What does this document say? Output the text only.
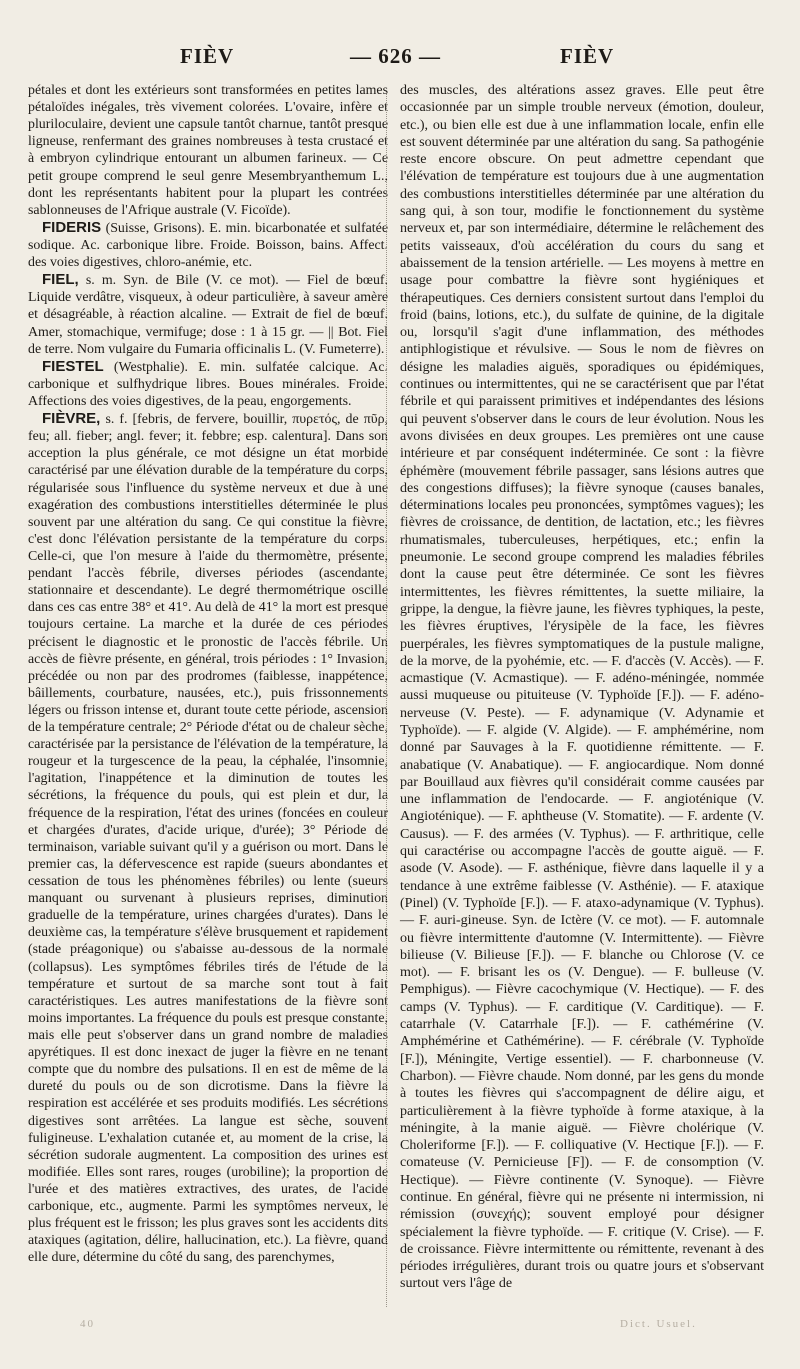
FIÈV	— 626 —	FIÈV

pétales et dont les extérieurs sont transformées en petites lames pétaloïdes inégales, très vivement colorées. L'ovaire, infère et pluriloculaire, devient une capsule tantôt charnue, tantôt presque ligneuse, renfermant des graines nombreuses à testa crustacé et à embryon cylindrique entourant un albumen farineux. — Ce petit groupe comprend le seul genre Mesembryanthemum L., dont les représentants habitent pour la plupart les contrées sablonneuses de l'Afrique australe (V. Ficoïde).

FIDERIS (Suisse, Grisons). E. min. bicarbonatée et sulfatée sodique. Ac. carbonique libre. Froide. Boisson, bains. Affect. des voies digestives, chloro-anémie, etc.

FIEL, s. m. Syn. de Bile (V. ce mot). — Fiel de bœuf. Liquide verdâtre, visqueux, à odeur particulière, à saveur amère et désagréable, à réaction alcaline. — Extrait de fiel de bœuf. Amer, stomachique, vermifuge; dose : 1 à 15 gr. — || Bot. Fiel de terre. Nom vulgaire du Fumaria officinalis L. (V. Fumeterre).

FIESTEL (Westphalie). E. min. sulfatée calcique. Ac. carbonique et sulfhydrique libres. Boues minérales. Froide. Affections des voies digestives, de la peau, engorgements.

FIÈVRE, s. f. [febris, de fervere, bouillir, πυρετός, de πῦρ, feu; all. fieber; angl. fever; it. febbre; esp. calentura]. Dans son acception la plus générale, ce mot désigne un état morbide caractérisé par une élévation durable de la température du corps, régularisée sous l'influence du système nerveux et due à une exagération des combustions interstitielles déterminée le plus souvent par une altération du sang. Ce qui constitue la fièvre, c'est donc l'élévation persistante de la température du corps. Celle-ci, que l'on mesure à l'aide du thermomètre, présente, pendant l'accès fébrile, diverses périodes (ascendante, stationnaire et descendante). Le degré thermométrique oscille dans ces cas entre 38° et 41°. Au delà de 41° la mort est presque toujours certaine. La marche et la durée de ces périodes précisent le diagnostic et le pronostic de l'accès fébrile. Un accès de fièvre présente, en général, trois périodes : 1° Invasion, précédée ou non par des prodromes (faiblesse, inappétence, bâillements, courbature, nausées, etc.), puis frissonnements légers ou frisson intense et, durant toute cette période, ascension de la température centrale; 2° Période d'état ou de chaleur sèche, caractérisée par la persistance de l'élévation de la température, la rougeur et la turgescence de la peau, la céphalée, l'insomnie, l'agitation, l'inappétence et la diminution de toutes les sécrétions, la fréquence du pouls, qui est plein et dur, la fréquence de la respiration, l'état des urines (foncées en couleur et chargées d'urates, d'acide urique, d'urée); 3° Période de terminaison, variable suivant qu'il y a guérison ou mort. Dans le premier cas, la défervescence est rapide (sueurs abondantes et cessation de tous les phénomènes fébriles) ou lente (sueurs manquant ou survenant à plusieurs reprises, diminution graduelle de la température, urines chargées d'urates). Dans le deuxième cas, la température s'élève brusquement et rapidement (stade préagonique) ou s'abaisse au-dessous de la normale (collapsus). Les symptômes fébriles tirés de l'étude de la température et surtout de sa marche sont tout à fait caractéristiques. Les autres manifestations de la fièvre sont moins importantes. La fréquence du pouls est presque constante, mais elle peut s'observer dans un grand nombre de maladies apyrétiques. Il est donc inexact de juger la fièvre en ne tenant compte que du nombre des pulsations. Il en est de même de la dureté du pouls ou de son dicrotisme. Dans la fièvre la respiration est accélérée et ses produits modifiés. Les sécrétions digestives sont arrêtées. La langue est sèche, souvent fuligineuse. L'exhalation cutanée et, au moment de la crise, la sécrétion sudorale augmentent. La composition des urines est modifiée. Elles sont rares, rouges (urobiline); la proportion de l'urée et des matières extractives, des urates, de l'acide carbonique, etc., augmente. Parmi les symptômes nerveux, le plus fréquent est le frisson; les plus graves sont les accidents dits ataxiques (agitation, délire, hallucination, etc.). La fièvre, quand elle dure, détermine du côté du sang, des parenchymes,

des muscles, des altérations assez graves. Elle peut être occasionnée par un simple trouble nerveux (émotion, douleur, etc.), ou bien elle est due à une inflammation locale, enfin elle est souvent déterminée par une altération du sang. Sa pathogénie reste encore obscure. On peut admettre cependant que l'élévation de température est toujours due à une augmentation des combustions interstitielles déterminée par une altération du sang qui, à son tour, modifie le fonctionnement du système nerveux et, par son intermédiaire, détermine le relâchement des petits vaisseaux, d'où accélération du cours du sang et abaissement de la tension artérielle. — Les moyens à mettre en usage pour combattre la fièvre sont hygiéniques et thérapeutiques. Ces derniers consistent surtout dans l'emploi du froid (bains, lotions, etc.), du sulfate de quinine, de la digitale ou, lorsqu'il s'agit d'une inflammation, des méthodes antiphlogistique et révulsive. — Sous le nom de fièvres on désigne les maladies aiguës, sporadiques ou épidémiques, continues ou intermittentes, qui ne se caractérisent que par l'état fébrile et qui paraissent primitives et indépendantes des lésions qui peuvent s'observer dans le cours de leur évolution. Nous les avons divisées en deux groupes. Les premières ont une cause intérieure et par conséquent indéterminée. Ce sont : la fièvre éphémère (mouvement fébrile passager, sans lésions autres que des congestions diffuses); la fièvre synoque (causes banales, déterminations locales peu prononcées, symptômes vagues); les fièvres de croissance, de dentition, de lactation, etc.; les fièvres rhumatismales, tuberculeuses, herpétiques, etc.; enfin la pneumonie. Le second groupe comprend les maladies fébriles dont la cause peut être déterminée. Ce sont les fièvres intermittentes, les fièvres rémittentes, la suette miliaire, la grippe, la dengue, la fièvre jaune, les fièvres typhiques, la peste, les fièvres éruptives, l'érysipèle de la face, les fièvres puerpérales, les fièvres symptomatiques de la pustule maligne, de la morve, de la pyohémie, etc. — F. d'accès (V. Accès). — F. acmastique (V. Acmastique). — F. adéno-méningée, nommée aussi muqueuse ou pituiteuse (V. Typhoïde [F.]). — F. adéno-nerveuse (V. Peste). — F. adynamique (V. Adynamie et Typhoïde). — F. algide (V. Algide). — F. amphémérine, nom donné par Sauvages à la F. quotidienne rémittente. — F. anabatique (V. Anabatique). — F. angiocardique. Nom donné par Bouillaud aux fièvres qu'il considérait comme causées par une inflammation de l'endocarde. — F. angioténique (V. Angioténique). — F. aphtheuse (V. Stomatite). — F. ardente (V. Causus). — F. des armées (V. Typhus). — F. arthritique, celle qui caractérise ou accompagne l'accès de goutte aiguë. — F. asode (V. Asode). — F. asthénique, fièvre dans laquelle il y a tendance à une extrême faiblesse (V. Asthénie). — F. ataxique (Pinel) (V. Typhoïde [F.]). — F. ataxo-adynamique (V. Typhus). — F. auri-gineuse. Syn. de Ictère (V. ce mot). — F. automnale ou fièvre intermittente d'automne (V. Intermittente). — Fièvre bilieuse (V. Bilieuse [F.]). — F. blanche ou Chlorose (V. ce mot). — F. brisant les os (V. Dengue). — F. bulleuse (V. Pemphigus). — Fièvre cacochymique (V. Hectique). — F. des camps (V. Typhus). — F. carditique (V. Carditique). — F. catarrhale (V. Catarrhale [F.]). — F. cathémérine (V. Amphémérine et Cathémérine). — F. cérébrale (V. Typhoïde [F.]), Méningite, Vertige essentiel). — F. charbonneuse (V. Charbon). — Fièvre chaude. Nom donné, par les gens du monde à toutes les fièvres qui s'accompagnent de délire aigu, et particulièrement à la fièvre typhoïde à forme ataxique, à la méningite, à la manie aiguë. — Fièvre cholérique (V. Choleriforme [F.]). — F. colliquative (V. Hectique [F.]). — F. comateuse (V. Pernicieuse [F]). — F. de consomption (V. Hectique). — Fièvre continente (V. Synoque). — Fièvre continue. En général, fièvre qui ne présente ni intermission, ni rémission (συνεχής); souvent employé pour désigner spécialement la fièvre typhoïde. — F. critique (V. Crise). — F. de croissance. Fièvre intermittente ou rémittente, revenant à des périodes irrégulières, durant trois ou quatre jours et s'observant surtout vers l'âge de

40	Dict. Usuel.
